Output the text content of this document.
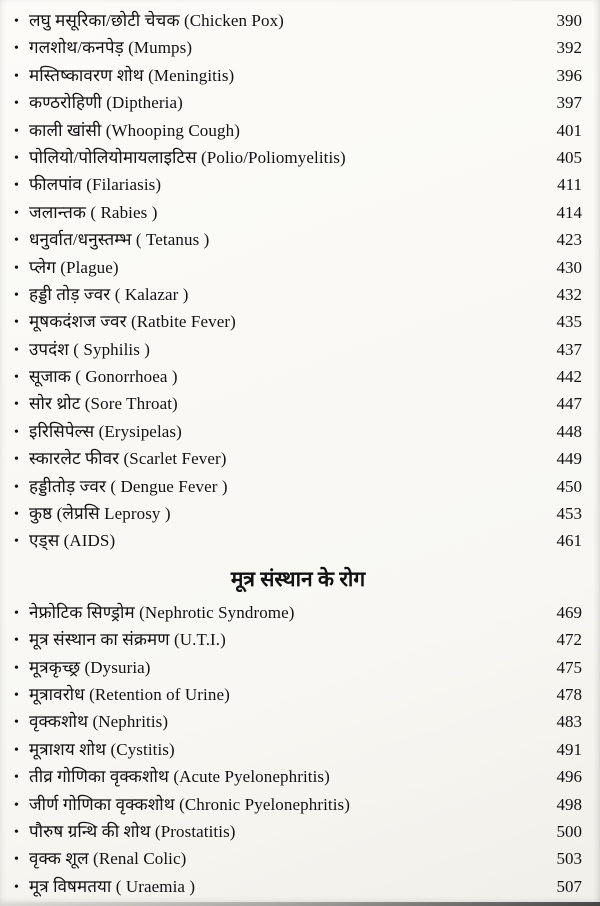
• लघु मसूरिका/छोटी चेचक (Chicken Pox)	390
• गलशोथ/कनपेड़ (Mumps)	392
• मस्तिष्कावरण शोथ (Meningitis)	396
• कण्ठरोहिणी (Diptheria)	397
• काली खांसी (Whooping Cough)	401
• पोलियो/पोलियोमायलाइटिस (Polio/Poliomyelitis)	405
• फीलपांव (Filariasis)	411
• जलान्तक ( Rabies )	414
• धनुर्वात/धनुस्तम्भ ( Tetanus )	423
• प्लेग (Plague)	430
• हड्डी तोड़ ज्वर ( Kalazar )	432
• मूषकदंशज ज्वर (Ratbite Fever)	435
• उपदंश ( Syphilis )	437
• सूजाक ( Gonorrhoea )	442
• सोर थ्रोट (Sore Throat)	447
• इरिसिपेल्स (Erysipelas)	448
• स्कारलेट फीवर (Scarlet Fever)	449
• हड्डीतोड़ ज्वर ( Dengue Fever )	450
• कुष्ठ (लेप्रसि Leprosy )	453
• एड्स (AIDS)	461
मूत्र संस्थान के रोग
• नेफ्रोटिक सिण्ड्रोम (Nephrotic Syndrome)	469
• मूत्र संस्थान का संक्रमण (U.T.I.)	472
• मूत्रकृच्छ्र (Dysuria)	475
• मूत्रावरोध (Retention of Urine)	478
• वृक्कशोथ (Nephritis)	483
• मूत्राशय शोथ (Cystitis)	491
• तीव्र गोणिका वृक्कशोथ (Acute Pyelonephritis)	496
• जीर्ण गोणिका वृक्कशोथ (Chronic Pyelonephritis)	498
• पौरुष ग्रन्थि की शोथ (Prostatitis)	500
• वृक्क शूल (Renal Colic)	503
• मूत्र विषमतया ( Uraemia )	507
